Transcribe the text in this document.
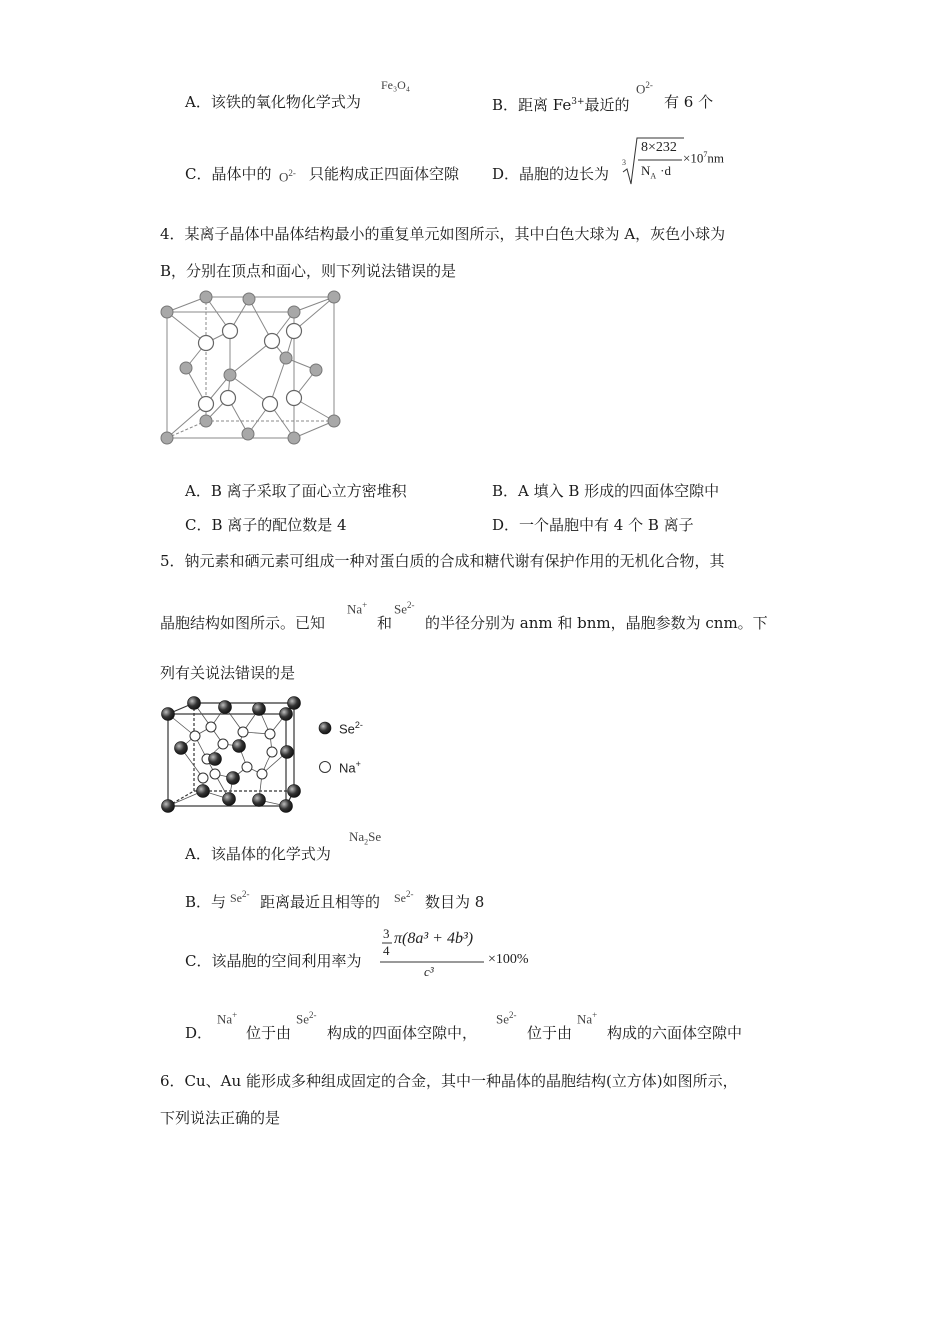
A．该铁的氧化物化学式为
Fe₃O₄
B．距离 $Fe^{3+}$最近的
$O^{2-}$
有 6 个
C．晶体中的 $O^{2-}$ 只能构成正四面体空隙 D．晶胞的边长为
3
8×232
$N_A \cdot d$
$\times 10^7nm$
4．某离子晶体中晶体结构最小的重复单元如图所示，其中白色大球为 A，灰色小球为
B，分别在顶点和面心，则下列说法错误的是
A．B 离子采取了面心立方密堆积	B．A 填入 B 形成的四面体空隙中
C．B 离子的配位数是 4	D．一个晶胞中有 4 个 B 离子
5．钠元素和硒元素可组成一种对蛋白质的合成和糖代谢有保护作用的无机化合物，其
晶胞结构如图所示。已知
Na+
和
$Se^{2-}$
的半径分别为 anm 和 bnm，晶胞参数为 cnm。下
列有关说法错误的是
$Se^{2-}$
Na+
A．该晶体的化学式为
$Na_2Se$
B．与 $Se^{2-}$ 距离最近且相等的 $Se^{2-}$ 数目为 8
C．该晶胞的空间利用率为
3
4
π(8a³ + 4b³)
c³
×100%
D．
Na+
位于由
$Se^{2-}$
构成的四面体空隙中，
$Se^{2-}$
位于由
Na+
构成的六面体空隙中
6．Cu、Au 能形成多种组成固定的合金，其中一种晶体的晶胞结构(立方体)如图所示，
下列说法正确的是
